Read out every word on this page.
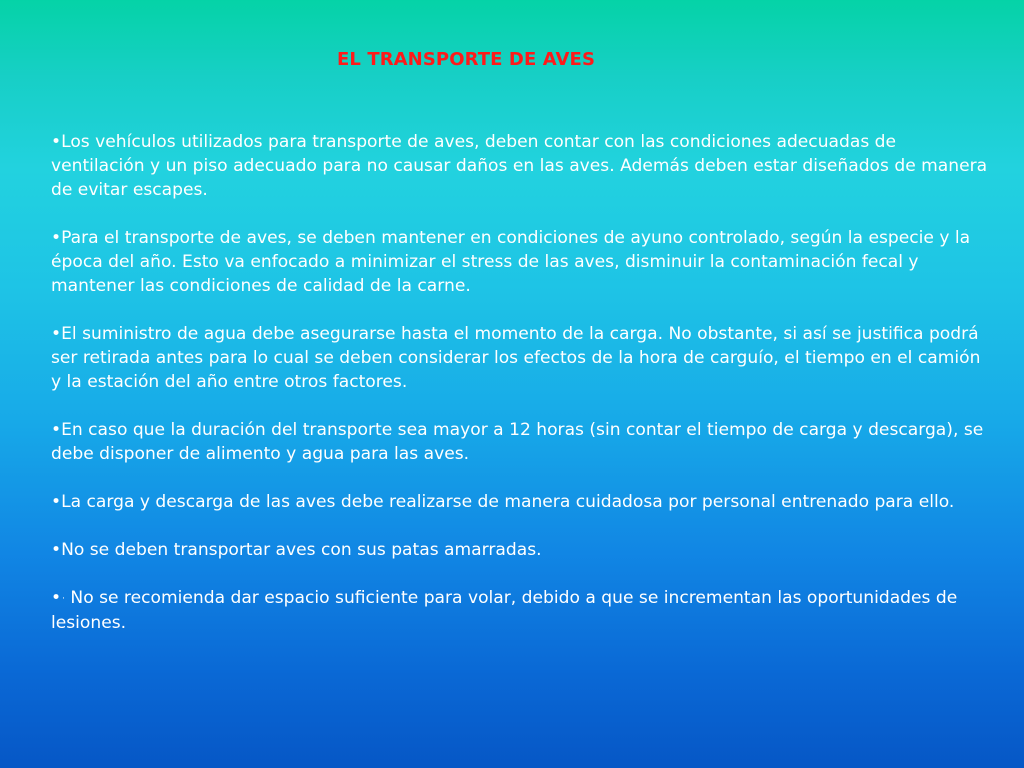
EL TRANSPORTE DE AVES

•Los vehículos utilizados para transporte de aves, deben contar con las condiciones adecuadas de ventilación y un piso adecuado para no causar daños en las aves. Además deben estar diseñados de manera de evitar escapes.

•Para el transporte de aves, se deben mantener en condiciones de ayuno controlado, según la especie y la época del año. Esto va enfocado a minimizar el stress de las aves, disminuir la contaminación fecal y mantener las condiciones de calidad de la carne.

•El suministro de agua debe asegurarse hasta el momento de la carga. No obstante, si así se justifica podrá ser retirada antes para lo cual se deben considerar los efectos de la hora de carguío, el tiempo en el camión y la estación del año entre otros factores.

•En caso que la duración del transporte sea mayor a 12 horas (sin contar el tiempo de carga y descarga), se debe disponer de alimento y agua para las aves.

•La carga y descarga de las aves debe realizarse de manera cuidadosa por personal entrenado para ello.

•No se deben transportar aves con sus patas amarradas.

•· No se recomienda dar espacio suficiente para volar, debido a que se incrementan las oportunidades de lesiones.
